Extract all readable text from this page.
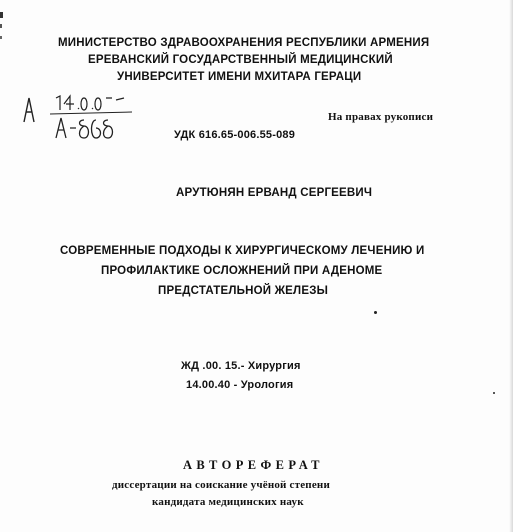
МИНИСТЕРСТВО ЗДРАВООХРАНЕНИЯ РЕСПУБЛИКИ АРМЕНИЯ
ЕРЕВАНСКИЙ ГОСУДАРСТВЕННЫЙ МЕДИЦИНСКИЙ
УНИВЕРСИТЕТ ИМЕНИ МХИТАРА ГЕРАЦИ
На правах рукописи
УДК 616.65-006.55-089
АРУТЮНЯН ЕРВАНД СЕРГЕЕВИЧ
СОВРЕМЕННЫЕ ПОДХОДЫ К ХИРУРГИЧЕСКОМУ ЛЕЧЕНИЮ И
ПРОФИЛАКТИКЕ ОСЛОЖНЕНИЙ ПРИ АДЕНОМЕ
ПРЕДСТАТЕЛЬНОЙ ЖЕЛЕЗЫ
ЖД .00. 15.- Хирургия
14.00.40 - Урология
АВТОРЕФЕРАТ
диссертации на соискание учёной степени
кандидата медицинских наук
